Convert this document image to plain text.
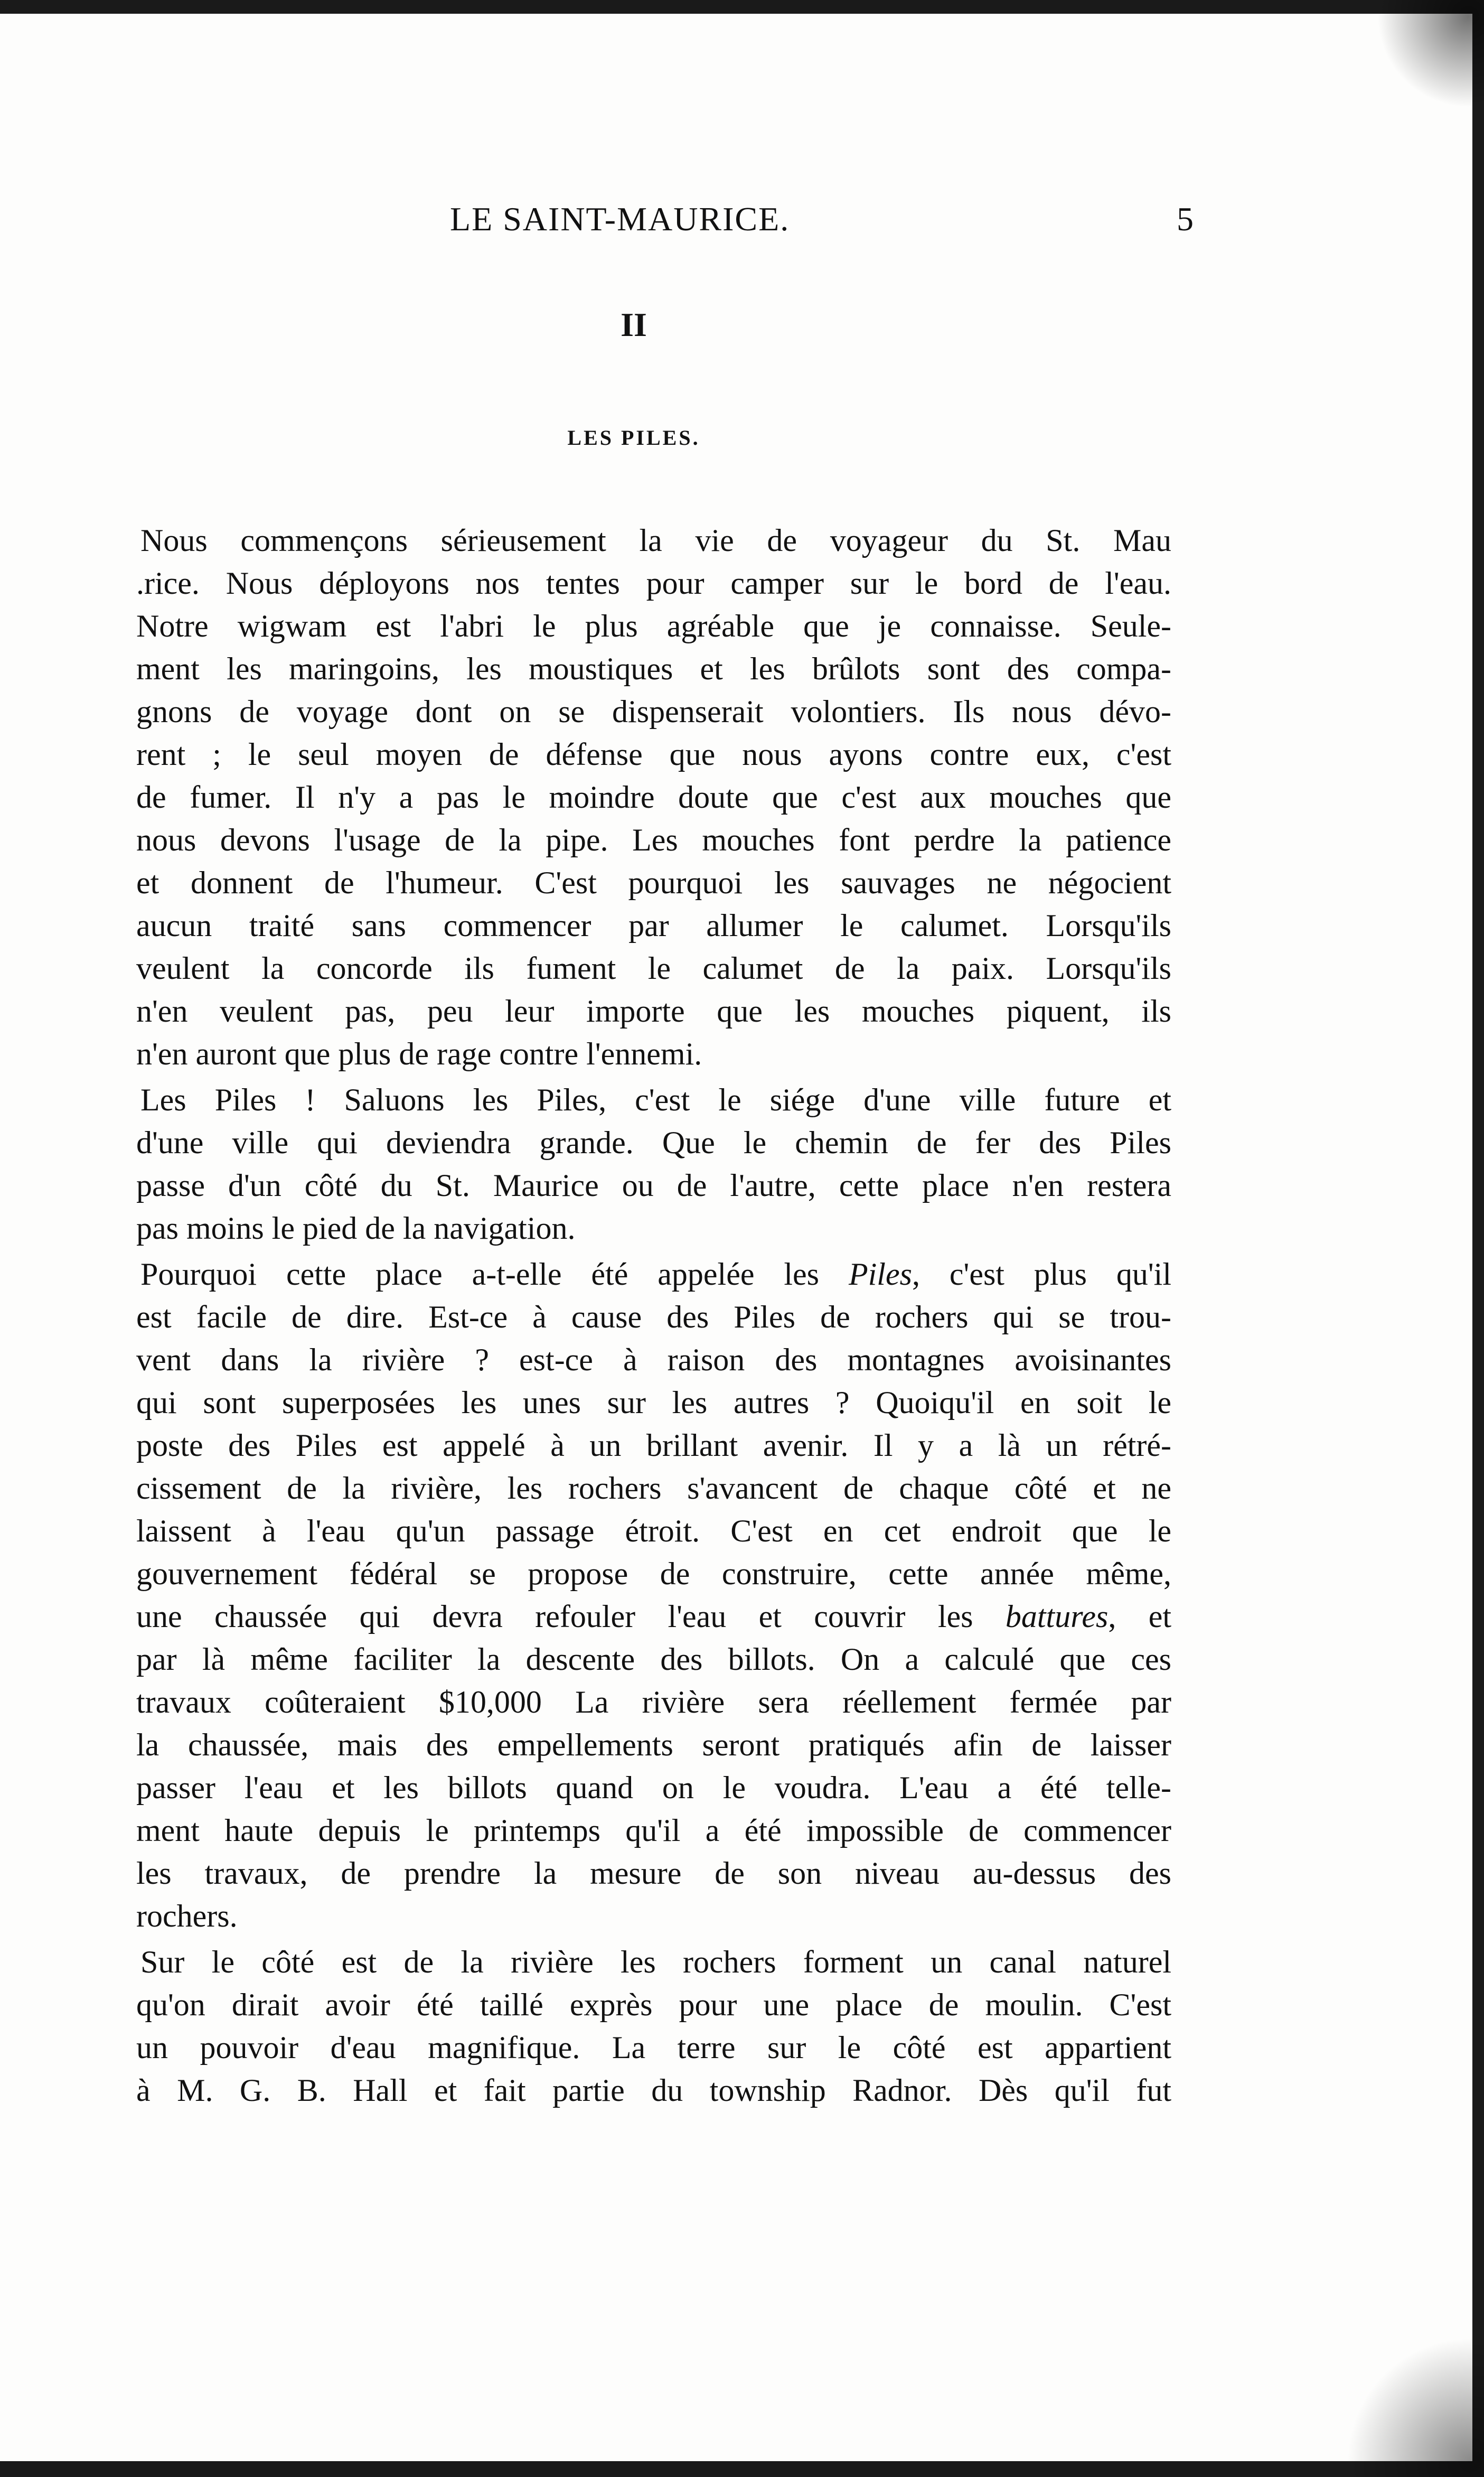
LE SAINT-MAURICE.	5
II
LES PILES.
Nous commençons sérieusement la vie de voyageur du St. Mau
.rice. Nous déployons nos tentes pour camper sur le bord de l'eau.
Notre wigwam est l'abri le plus agréable que je connaisse. Seule-
ment les maringoins, les moustiques et les brûlots sont des compa-
gnons de voyage dont on se dispenserait volontiers. Ils nous dévo-
rent ; le seul moyen de défense que nous ayons contre eux, c'est
de fumer. Il n'y a pas le moindre doute que c'est aux mouches que
nous devons l'usage de la pipe. Les mouches font perdre la patience
et donnent de l'humeur. C'est pourquoi les sauvages ne négocient
aucun traité sans commencer par allumer le calumet. Lorsqu'ils
veulent la concorde ils fument le calumet de la paix. Lorsqu'ils
n'en veulent pas, peu leur importe que les mouches piquent, ils
n'en auront que plus de rage contre l'ennemi.
Les Piles ! Saluons les Piles, c'est le siége d'une ville future et
d'une ville qui deviendra grande. Que le chemin de fer des Piles
passe d'un côté du St. Maurice ou de l'autre, cette place n'en restera
pas moins le pied de la navigation.
Pourquoi cette place a-t-elle été appelée les Piles, c'est plus qu'il
est facile de dire. Est-ce à cause des Piles de rochers qui se trou-
vent dans la rivière ? est-ce à raison des montagnes avoisinantes
qui sont superposées les unes sur les autres ? Quoiqu'il en soit le
poste des Piles est appelé à un brillant avenir. Il y a là un rétré-
cissement de la rivière, les rochers s'avancent de chaque côté et ne
laissent à l'eau qu'un passage étroit. C'est en cet endroit que le
gouvernement fédéral se propose de construire, cette année même,
une chaussée qui devra refouler l'eau et couvrir les battures, et
par là même faciliter la descente des billots. On a calculé que ces
travaux coûteraient $10,000 La rivière sera réellement fermée par
la chaussée, mais des empellements seront pratiqués afin de laisser
passer l'eau et les billots quand on le voudra. L'eau a été telle-
ment haute depuis le printemps qu'il a été impossible de commencer
les travaux, de prendre la mesure de son niveau au-dessus des
rochers.
Sur le côté est de la rivière les rochers forment un canal naturel
qu'on dirait avoir été taillé exprès pour une place de moulin. C'est
un pouvoir d'eau magnifique. La terre sur le côté est appartient
à M. G. B. Hall et fait partie du township Radnor. Dès qu'il fut
